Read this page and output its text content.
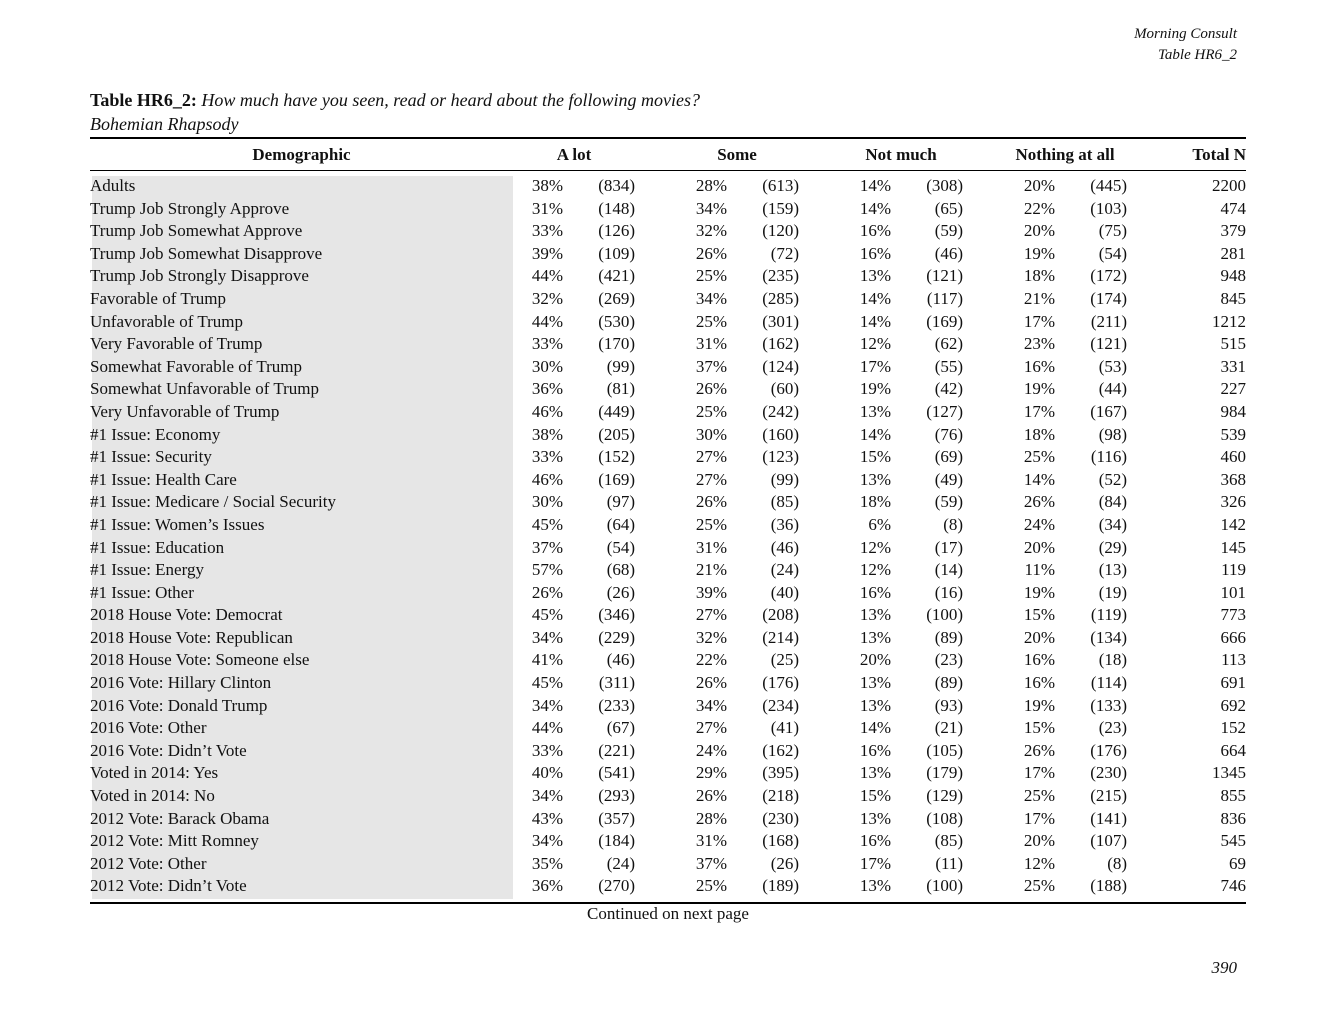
Morning Consult
Table HR6_2
Table HR6_2: How much have you seen, read or heard about the following movies?
Bohemian Rhapsody
Demographic	A lot		Some		Not much		Nothing at all		Total N

Adults	38%	(834)	28%	(613)	14%	(308)	20%	(445)	2200
Trump Job Strongly Approve	31%	(148)	34%	(159)	14%	(65)	22%	(103)	474
Trump Job Somewhat Approve	33%	(126)	32%	(120)	16%	(59)	20%	(75)	379
Trump Job Somewhat Disapprove	39%	(109)	26%	(72)	16%	(46)	19%	(54)	281
Trump Job Strongly Disapprove	44%	(421)	25%	(235)	13%	(121)	18%	(172)	948
Favorable of Trump	32%	(269)	34%	(285)	14%	(117)	21%	(174)	845
Unfavorable of Trump	44%	(530)	25%	(301)	14%	(169)	17%	(211)	1212
Very Favorable of Trump	33%	(170)	31%	(162)	12%	(62)	23%	(121)	515
Somewhat Favorable of Trump	30%	(99)	37%	(124)	17%	(55)	16%	(53)	331
Somewhat Unfavorable of Trump	36%	(81)	26%	(60)	19%	(42)	19%	(44)	227
Very Unfavorable of Trump	46%	(449)	25%	(242)	13%	(127)	17%	(167)	984
#1 Issue: Economy	38%	(205)	30%	(160)	14%	(76)	18%	(98)	539
#1 Issue: Security	33%	(152)	27%	(123)	15%	(69)	25%	(116)	460
#1 Issue: Health Care	46%	(169)	27%	(99)	13%	(49)	14%	(52)	368
#1 Issue: Medicare / Social Security	30%	(97)	26%	(85)	18%	(59)	26%	(84)	326
#1 Issue: Women’s Issues	45%	(64)	25%	(36)	6%	(8)	24%	(34)	142
#1 Issue: Education	37%	(54)	31%	(46)	12%	(17)	20%	(29)	145
#1 Issue: Energy	57%	(68)	21%	(24)	12%	(14)	11%	(13)	119
#1 Issue: Other	26%	(26)	39%	(40)	16%	(16)	19%	(19)	101
2018 House Vote: Democrat	45%	(346)	27%	(208)	13%	(100)	15%	(119)	773
2018 House Vote: Republican	34%	(229)	32%	(214)	13%	(89)	20%	(134)	666
2018 House Vote: Someone else	41%	(46)	22%	(25)	20%	(23)	16%	(18)	113
2016 Vote: Hillary Clinton	45%	(311)	26%	(176)	13%	(89)	16%	(114)	691
2016 Vote: Donald Trump	34%	(233)	34%	(234)	13%	(93)	19%	(133)	692
2016 Vote: Other	44%	(67)	27%	(41)	14%	(21)	15%	(23)	152
2016 Vote: Didn’t Vote	33%	(221)	24%	(162)	16%	(105)	26%	(176)	664
Voted in 2014: Yes	40%	(541)	29%	(395)	13%	(179)	17%	(230)	1345
Voted in 2014: No	34%	(293)	26%	(218)	15%	(129)	25%	(215)	855
2012 Vote: Barack Obama	43%	(357)	28%	(230)	13%	(108)	17%	(141)	836
2012 Vote: Mitt Romney	34%	(184)	31%	(168)	16%	(85)	20%	(107)	545
2012 Vote: Other	35%	(24)	37%	(26)	17%	(11)	12%	(8)	69
2012 Vote: Didn’t Vote	36%	(270)	25%	(189)	13%	(100)	25%	(188)	746
Continued on next page
390
